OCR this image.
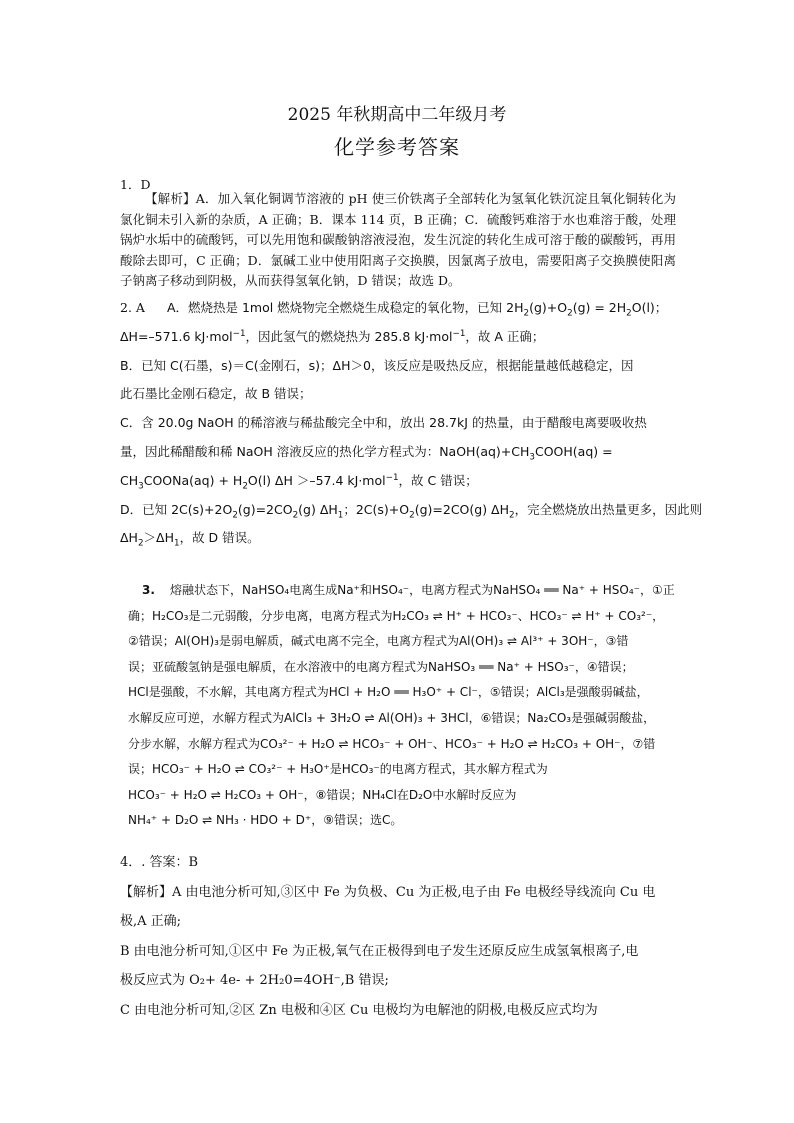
2025 年秋期高中二年级月考
化学参考答案
1．D
【解析】A．加入氧化铜调节溶液的 pH 使三价铁离子全部转化为氢氧化铁沉淀且氧化铜转化为氯化铜未引入新的杂质，A 正确；B．课本 114 页，B 正确；C．硫酸钙难溶于水也难溶于酸，处理锅炉水垢中的硫酸钙，可以先用饱和碳酸钠溶液浸泡，发生沉淀的转化生成可溶于酸的碳酸钙，再用酸除去即可，C 正确；D．氯碱工业中使用阳离子交换膜，因氯离子放电，需要阳离子交换膜使阳离子钠离子移动到阴极，从而获得氢氧化钠，D 错误；故选 D。
2. A A．燃烧热是 1mol 燃烧物完全燃烧生成稳定的氧化物，已知 $2H_2(g)+O_2(g) = 2H_2O(l)$；
ΔH=–571.6 kJ·mol$^{-1}$，因此氢气的燃烧热为 285.8 kJ·mol$^{-1}$，故 A 正确；
B．已知 C(石墨，s)＝C(金刚石，s)；ΔH＞0，该反应是吸热反应，根据能量越低越稳定，因
此石墨比金刚石稳定，故 B 错误；
C．含 20.0g NaOH 的稀溶液与稀盐酸完全中和，放出 28.7kJ 的热量，由于醋酸电离要吸收热
量，因此稀醋酸和稀 NaOH 溶液反应的热化学方程式为：$NaOH(aq)+CH_3COOH(aq)$ =
$CH_3COONa(aq) + H_2O(l)$ ΔH ＞–57.4 kJ·mol$^{-1}$，故 C 错误；
D．已知 $2C(s)+2O_2(g)=2CO_2(g)$ $\Delta H_1$；$2C(s)+O_2(g)=2CO(g)$ $\Delta H_2$，完全燃烧放出热量更多，因此则
$\Delta H_2>\Delta H_1$，故 D 错误。
3. 熔融状态下，NaHSO₄电离生成Na⁺和HSO₄⁻，电离方程式为NaHSO₄ ══ Na⁺ + HSO₄⁻，①正
确；H₂CO₃是二元弱酸，分步电离，电离方程式为H₂CO₃ ⇌ H⁺ + HCO₃⁻、HCO₃⁻ ⇌ H⁺ + CO₃²⁻，
②错误；Al(OH)₃是弱电解质，碱式电离不完全，电离方程式为Al(OH)₃ ⇌ Al³⁺ + 3OH⁻，③错
误；亚硫酸氢钠是强电解质，在水溶液中的电离方程式为NaHSO₃ ══ Na⁺ + HSO₃⁻，④错误；
HCl是强酸，不水解，其电离方程式为HCl + H₂O ══ H₃O⁺ + Cl⁻，⑤错误；AlCl₃是强酸弱碱盐，
水解反应可逆，水解方程式为AlCl₃ + 3H₂O ⇌ Al(OH)₃ + 3HCl，⑥错误；Na₂CO₃是强碱弱酸盐，
分步水解，水解方程式为CO₃²⁻ + H₂O ⇌ HCO₃⁻ + OH⁻、HCO₃⁻ + H₂O ⇌ H₂CO₃ + OH⁻，⑦错
误；HCO₃⁻ + H₂O ⇌ CO₃²⁻ + H₃O⁺是HCO₃⁻的电离方程式，其水解方程式为
HCO₃⁻ + H₂O ⇌ H₂CO₃ + OH⁻，⑧错误；NH₄Cl在D₂O中水解时反应为
NH₄⁺ + D₂O ⇌ NH₃ · HDO + D⁺，⑨错误；选C。
4．. 答案：B
【解析】A 由电池分析可知,③区中 Fe 为负极、Cu 为正极,电子由 Fe 电极经导线流向 Cu 电
极,A 正确;
B 由电池分析可知,①区中 Fe 为正极,氧气在正极得到电子发生还原反应生成氢氧根离子,电
极反应式为 O₂+ 4e- + 2H₂0=4OH⁻,B 错误;
C 由电池分析可知,②区 Zn 电极和④区 Cu 电极均为电解池的阴极,电极反应式均为
